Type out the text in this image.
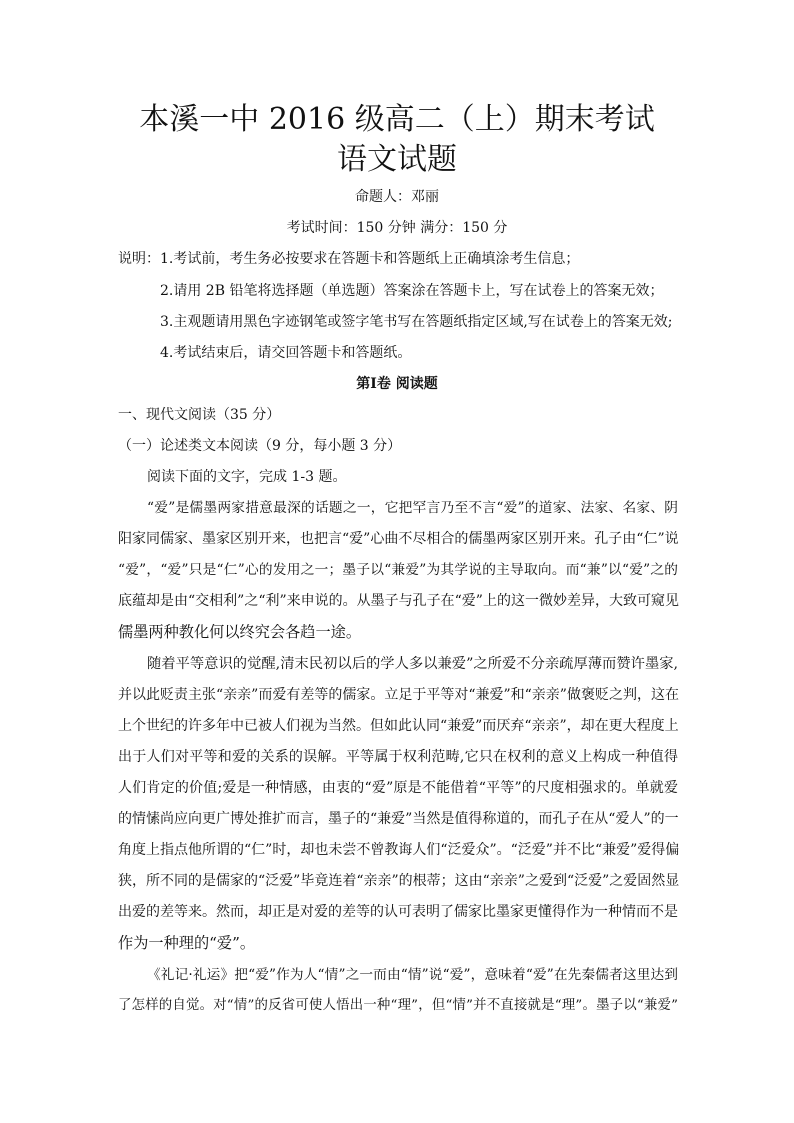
本溪一中 2016 级高二（上）期末考试
语文试题
命题人：邓丽
考试时间：150 分钟 满分：150 分
说明：1.考试前，考生务必按要求在答题卡和答题纸上正确填涂考生信息；
2.请用 2B 铅笔将选择题（单选题）答案涂在答题卡上，写在试卷上的答案无效；
3.主观题请用黑色字迹钢笔或签字笔书写在答题纸指定区域,写在试卷上的答案无效;
4.考试结束后，请交回答题卡和答题纸。
第Ⅰ卷 阅读题
一、现代文阅读（35 分）
（一）论述类文本阅读（9 分，每小题 3 分）
阅读下面的文字，完成 1-3 题。
“爱”是儒墨两家措意最深的话题之一，它把罕言乃至不言“爱”的道家、法家、名家、阴
阳家同儒家、墨家区别开来，也把言“爱”心曲不尽相合的儒墨两家区别开来。孔子由“仁”说
“爱”，“爱”只是“仁”心的发用之一；墨子以“兼爱”为其学说的主导取向。而“兼”以“爱”之的
底蕴却是由“交相利”之“利”来申说的。从墨子与孔子在“爱”上的这一微妙差异，大致可窥见
儒墨两种教化何以终究会各趋一途。
随着平等意识的觉醒,清末民初以后的学人多以兼爱”之所爱不分亲疏厚薄而赞许墨家,
并以此贬责主张“亲亲”而爱有差等的儒家。立足于平等对“兼爱”和“亲亲”做褒贬之判，这在
上个世纪的许多年中已被人们视为当然。但如此认同“兼爱”而厌弃“亲亲”，却在更大程度上
出于人们对平等和爱的关系的误解。平等属于权利范畴,它只在权利的意义上构成一种值得
人们肯定的价值;爱是一种情感，由衷的“爱”原是不能借着“平等”的尺度相强求的。单就爱
的情愫尚应向更广博处推扩而言，墨子的“兼爱”当然是值得称道的，而孔子在从“爱人”的一
角度上指点他所谓的“仁”时，却也未尝不曾教诲人们“泛爱众”。“泛爱”并不比“兼爱”爱得偏
狭，所不同的是儒家的“泛爱”毕竟连着“亲亲”的根蒂；这由“亲亲”之爱到“泛爱”之爱固然显
出爱的差等来。然而，却正是对爱的差等的认可表明了儒家比墨家更懂得作为一种情而不是
作为一种理的“爱”。
《礼记·礼运》把“爱”作为人“情”之一而由“情”说“爱”，意味着“爱”在先秦儒者这里达到
了怎样的自觉。对“情”的反省可使人悟出一种“理”，但“情”并不直接就是“理”。墨子以“兼爱”
